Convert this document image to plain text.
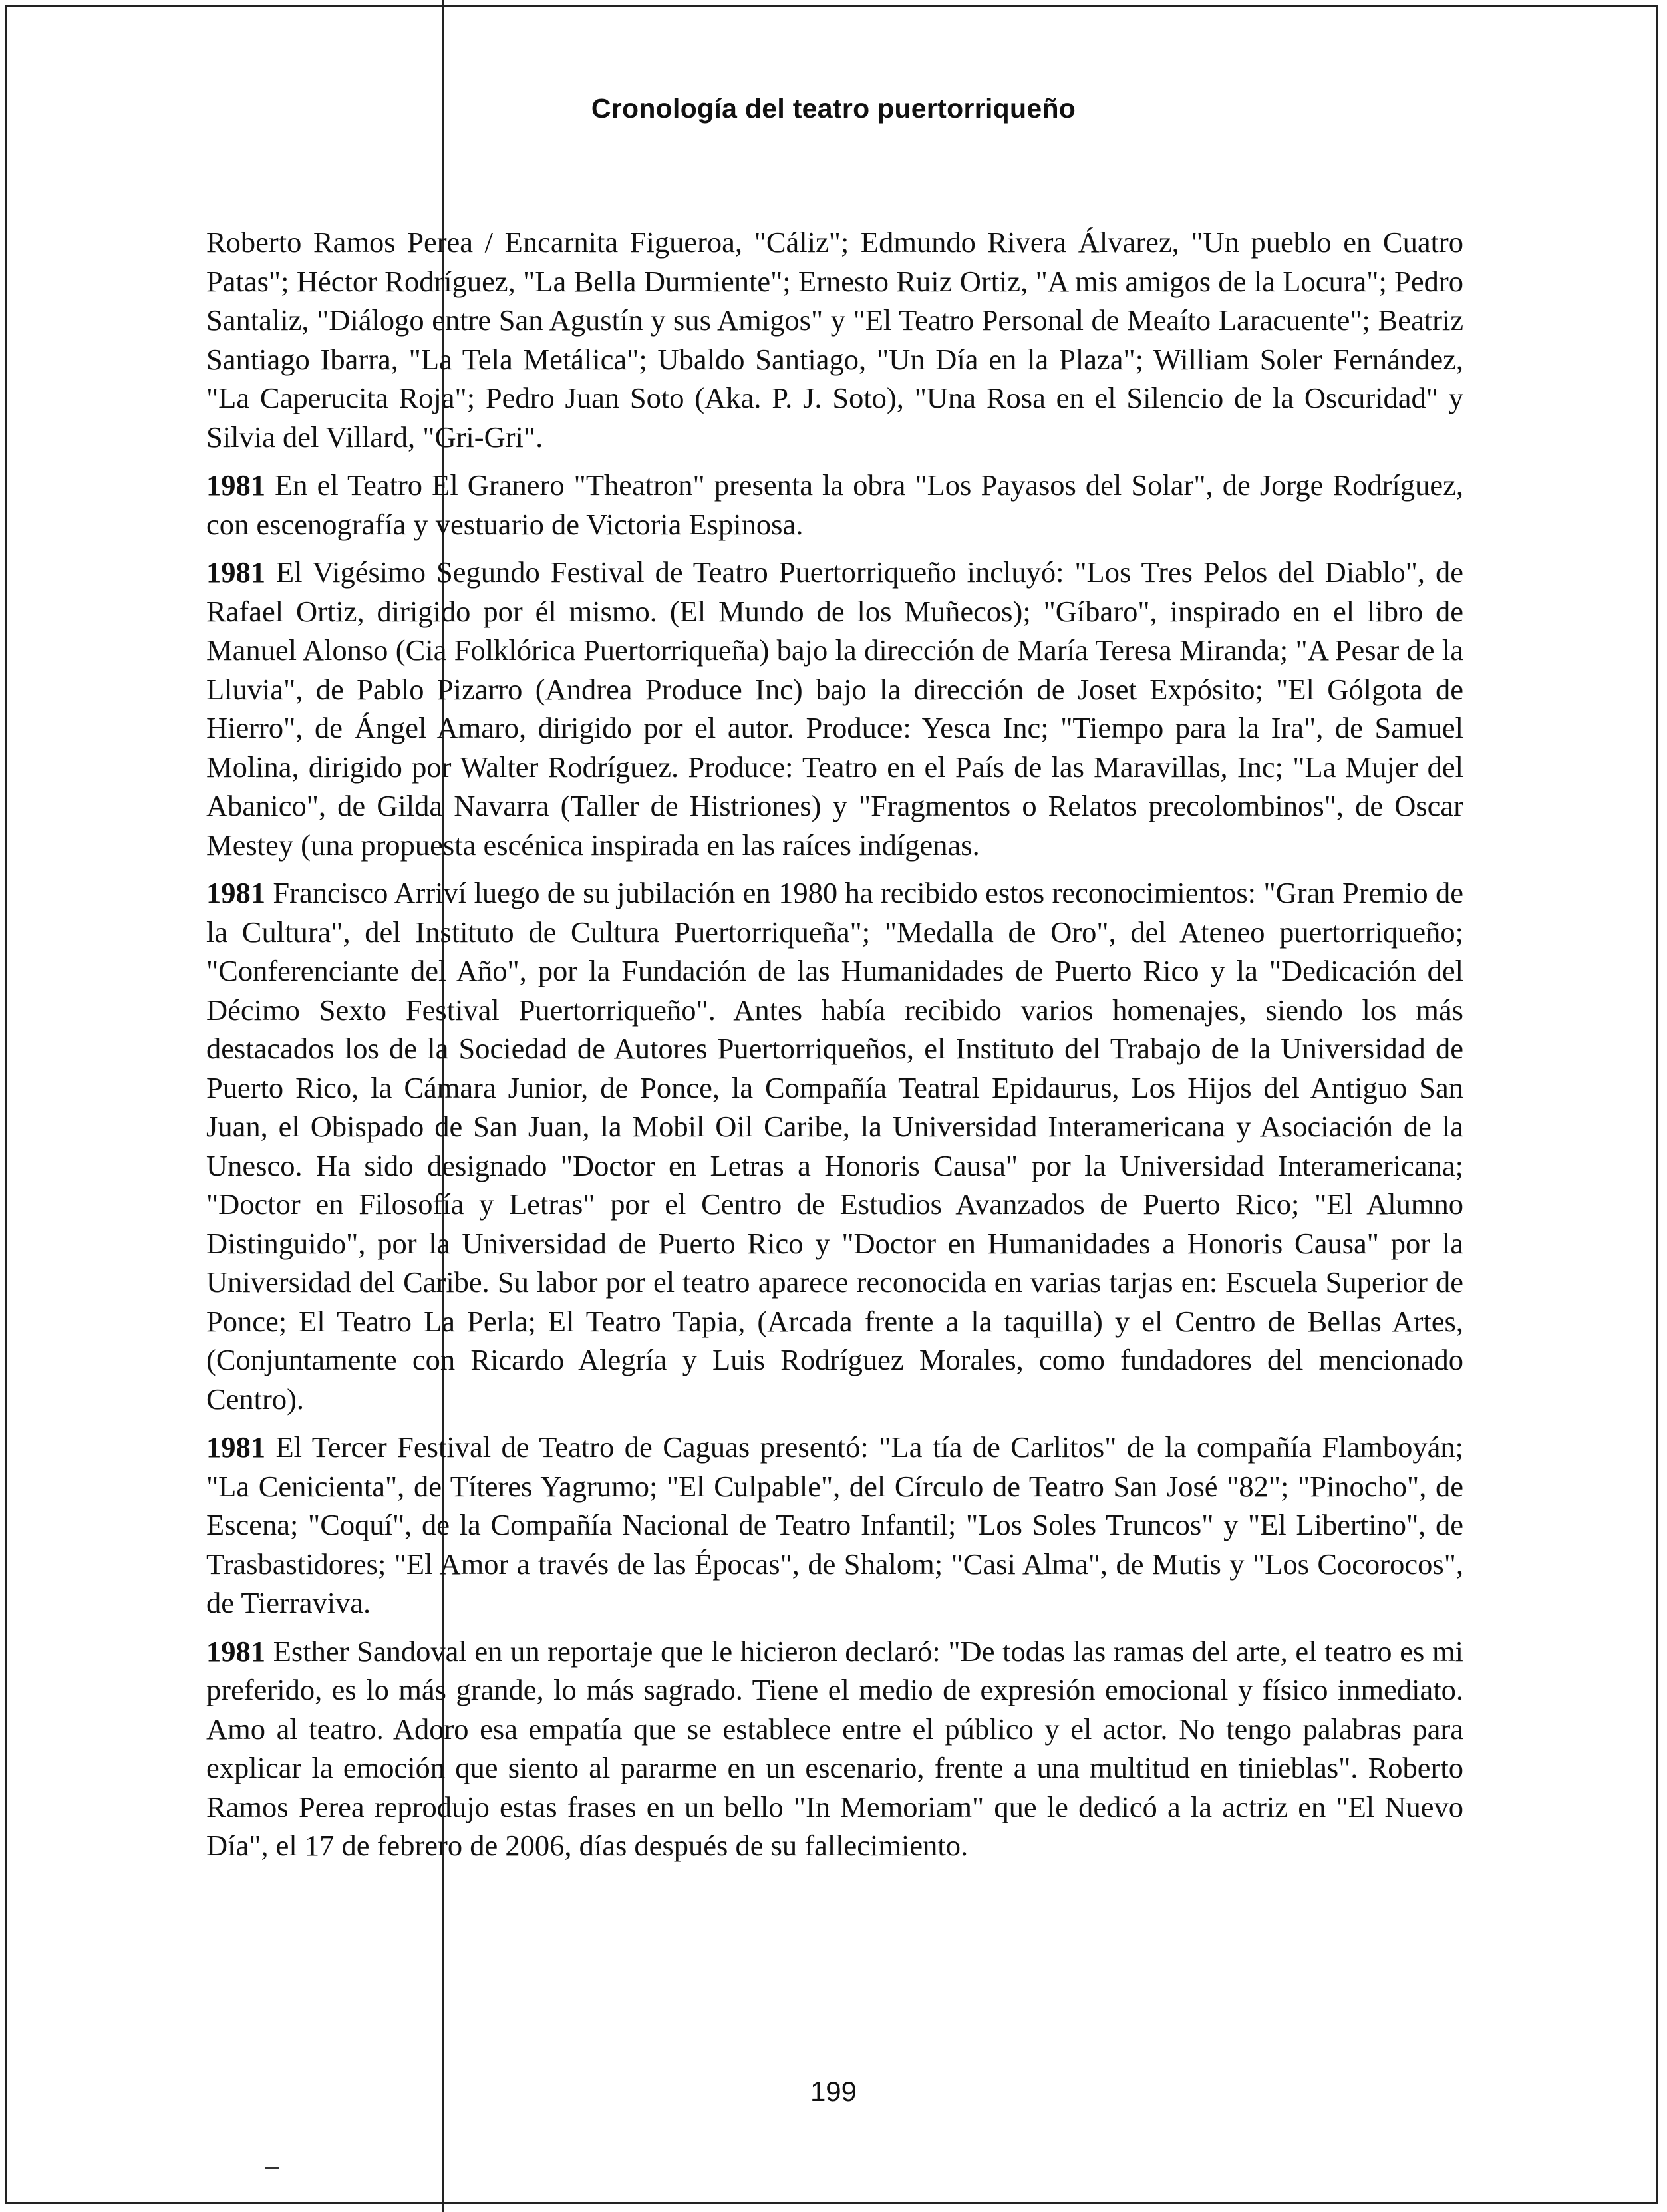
Cronología del teatro puertorriqueño

Roberto Ramos Perea / Encarnita Figueroa, "Cáliz"; Edmundo Rivera Álvarez, "Un pueblo en Cuatro Patas"; Héctor Rodríguez, "La Bella Durmiente"; Ernesto Ruiz Ortiz, "A mis amigos de la Locura"; Pedro Santaliz, "Diálogo entre San Agustín y sus Amigos" y "El Teatro Personal de Meaíto Laracuente"; Beatriz Santiago Ibarra, "La Tela Metálica"; Ubaldo Santiago, "Un Día en la Plaza"; William Soler Fernández, "La Caperucita Roja"; Pedro Juan Soto (Aka. P. J. Soto), "Una Rosa en el Silencio de la Oscuridad" y Silvia del Villard, "Gri-Gri".

1981 En el Teatro El Granero "Theatron" presenta la obra "Los Payasos del Solar", de Jorge Rodríguez, con escenografía y vestuario de Victoria Espinosa.

1981 El Vigésimo Segundo Festival de Teatro Puertorriqueño incluyó: "Los Tres Pelos del Diablo", de Rafael Ortiz, dirigido por él mismo. (El Mundo de los Muñecos); "Gíbaro", inspirado en el libro de Manuel Alonso (Cia Folklórica Puertorriqueña) bajo la dirección de María Teresa Miranda; "A Pesar de la Lluvia", de Pablo Pizarro (Andrea Produce Inc) bajo la dirección de Joset Expósito; "El Gólgota de Hierro", de Ángel Amaro, dirigido por el autor. Produce: Yesca Inc; "Tiempo para la Ira", de Samuel Molina, dirigido por Walter Rodríguez. Produce: Teatro en el País de las Maravillas, Inc; "La Mujer del Abanico", de Gilda Navarra (Taller de Histriones) y "Fragmentos o Relatos precolombinos", de Oscar Mestey (una propuesta escénica inspirada en las raíces indígenas.

1981 Francisco Arriví luego de su jubilación en 1980 ha recibido estos reconocimientos: "Gran Premio de la Cultura", del Instituto de Cultura Puertorriqueña"; "Medalla de Oro", del Ateneo puertorriqueño; "Conferenciante del Año", por la Fundación de las Humanidades de Puerto Rico y la "Dedicación del Décimo Sexto Festival Puertorriqueño". Antes había recibido varios homenajes, siendo los más destacados los de la Sociedad de Autores Puertorriqueños, el Instituto del Trabajo de la Universidad de Puerto Rico, la Cámara Junior, de Ponce, la Compañía Teatral Epidaurus, Los Hijos del Antiguo San Juan, el Obispado de San Juan, la Mobil Oil Caribe, la Universidad Interamericana y Asociación de la Unesco. Ha sido designado "Doctor en Letras a Honoris Causa" por la Universidad Interamericana; "Doctor en Filosofía y Letras" por el Centro de Estudios Avanzados de Puerto Rico; "El Alumno Distinguido", por la Universidad de Puerto Rico y "Doctor en Humanidades a Honoris Causa" por la Universidad del Caribe. Su labor por el teatro aparece reconocida en varias tarjas en: Escuela Superior de Ponce; El Teatro La Perla; El Teatro Tapia, (Arcada frente a la taquilla) y el Centro de Bellas Artes, (Conjuntamente con Ricardo Alegría y Luis Rodríguez Morales, como fundadores del mencionado Centro).

1981 El Tercer Festival de Teatro de Caguas presentó: "La tía de Carlitos" de la compañía Flamboyán; "La Cenicienta", de Títeres Yagrumo; "El Culpable", del Círculo de Teatro San José "82"; "Pinocho", de Escena; "Coquí", de la Compañía Nacional de Teatro Infantil; "Los Soles Truncos" y "El Libertino", de Trasbastidores; "El Amor a través de las Épocas", de Shalom; "Casi Alma", de Mutis y "Los Cocorocos", de Tierraviva.

1981 Esther Sandoval en un reportaje que le hicieron declaró: "De todas las ramas del arte, el teatro es mi preferido, es lo más grande, lo más sagrado. Tiene el medio de expresión emocional y físico inmediato. Amo al teatro. Adoro esa empatía que se establece entre el público y el actor. No tengo palabras para explicar la emoción que siento al pararme en un escenario, frente a una multitud en tinieblas". Roberto Ramos Perea reprodujo estas frases en un bello "In Memoriam" que le dedicó a la actriz en "El Nuevo Día", el 17 de febrero de 2006, días después de su fallecimiento.

199
